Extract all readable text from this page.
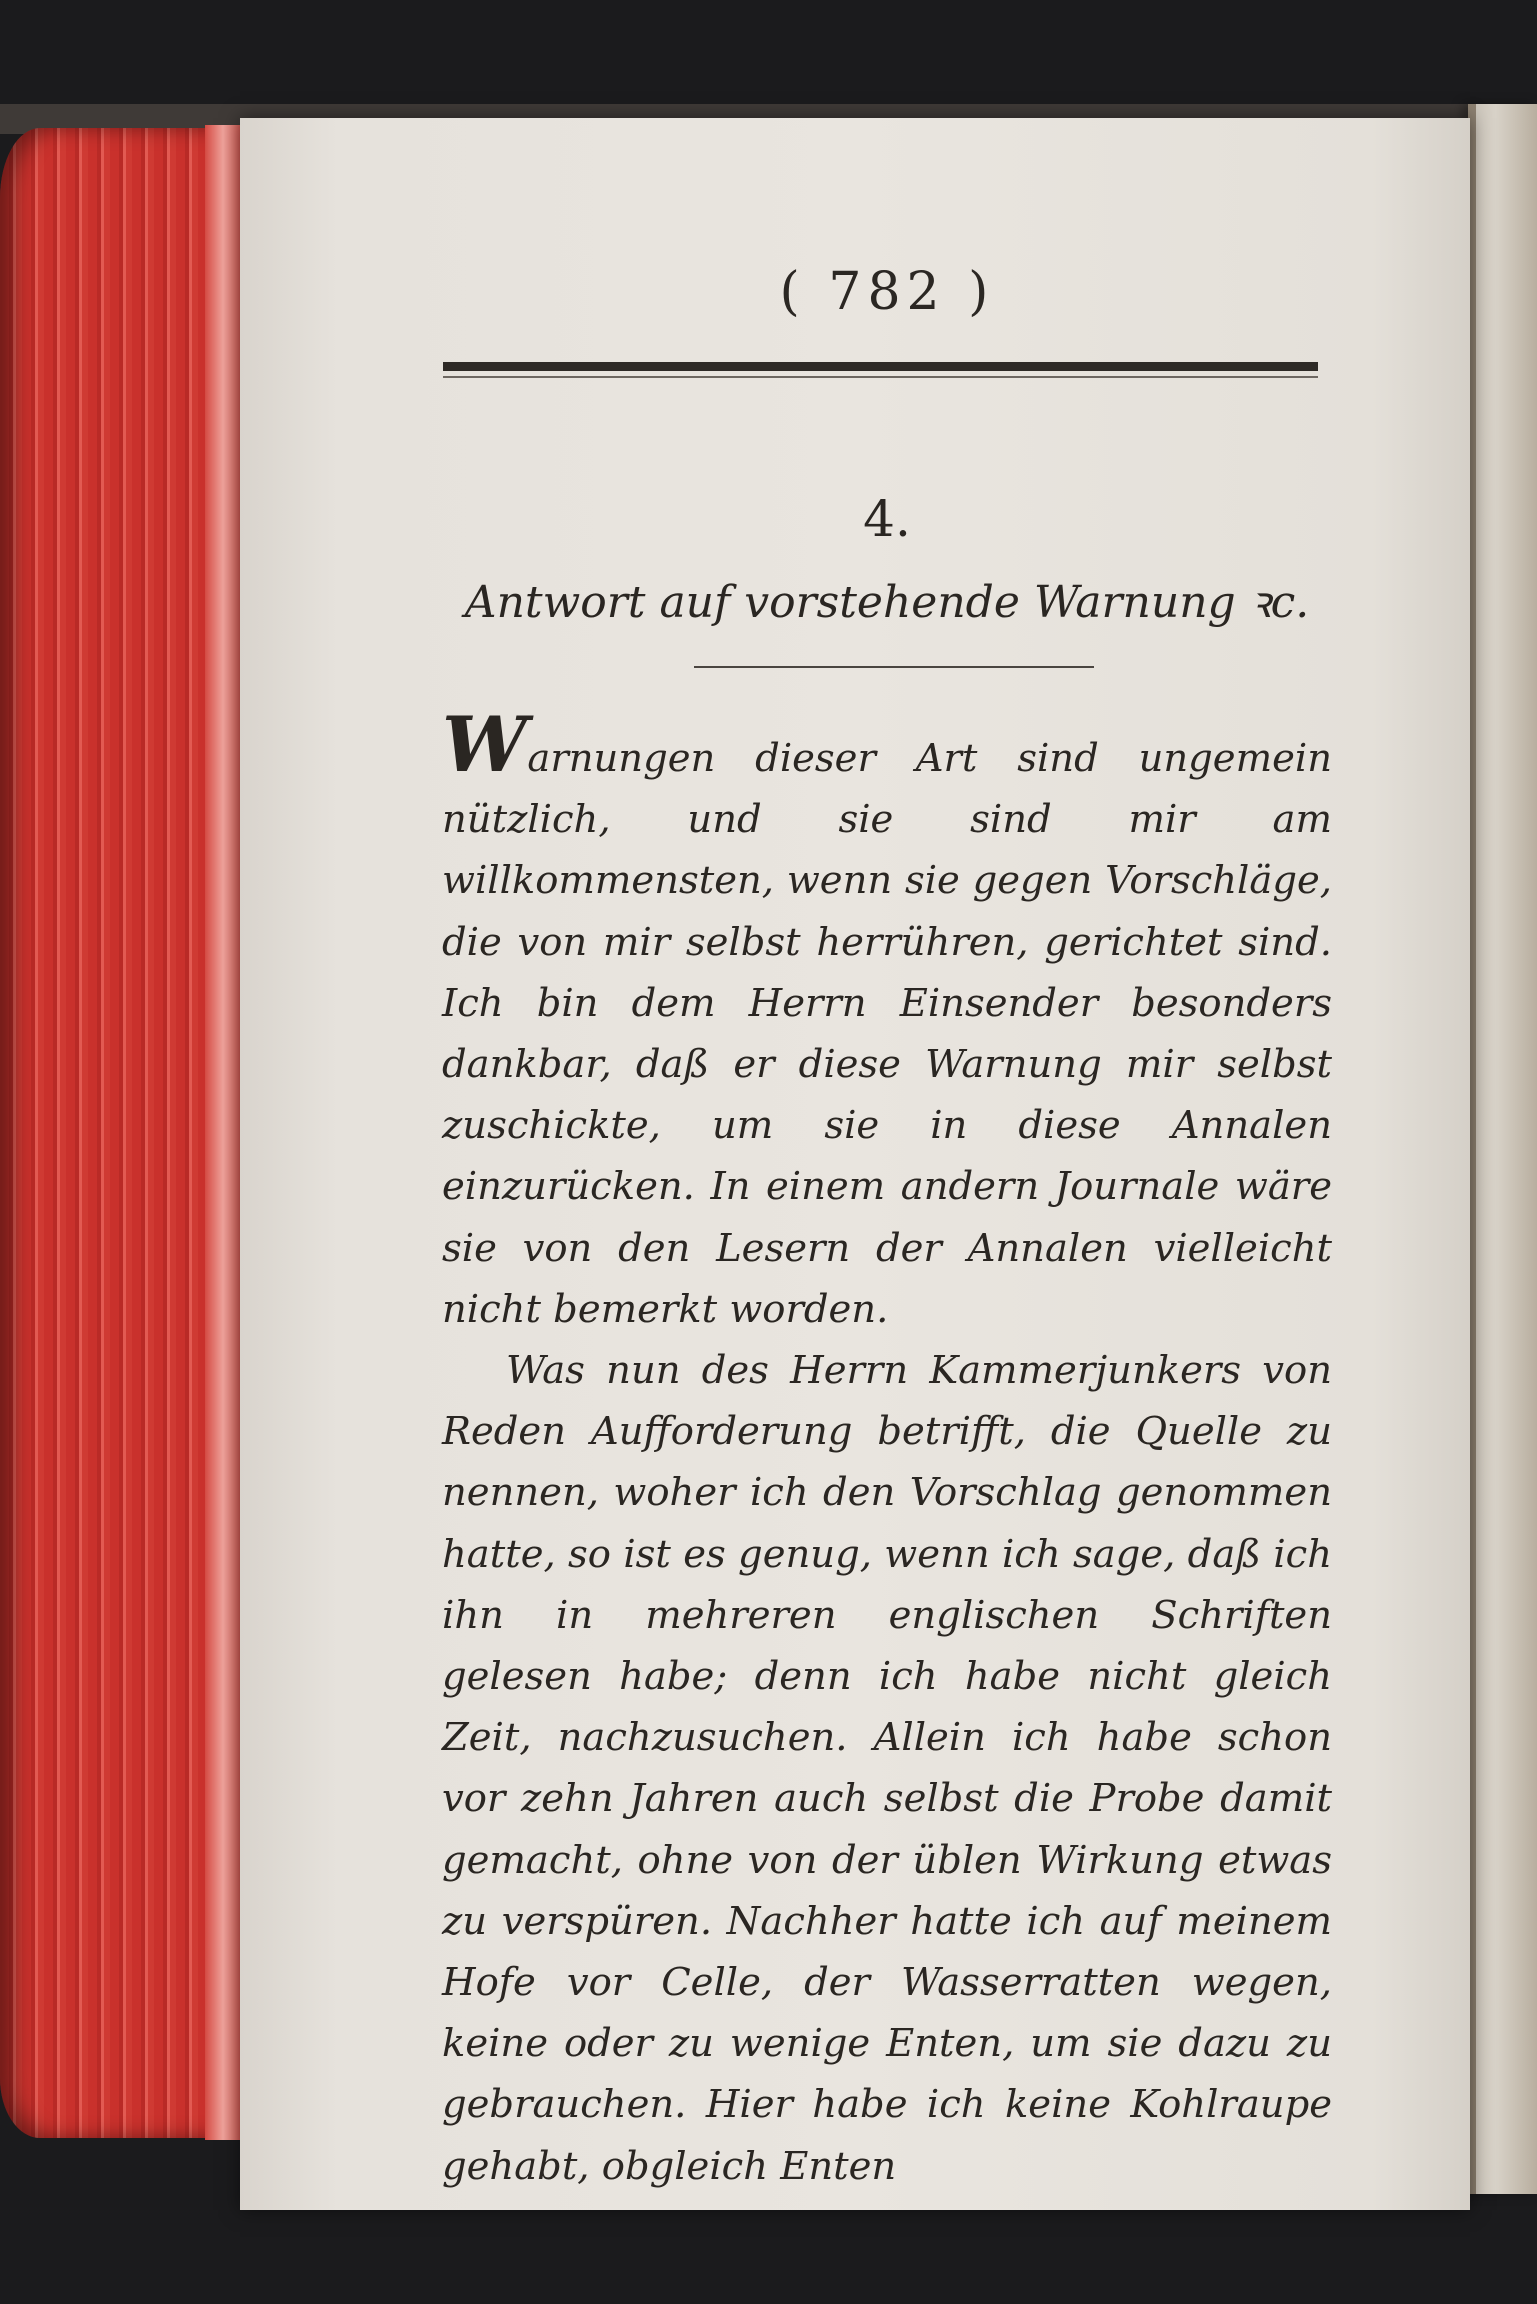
( 782 )
4.
Antwort auf vorstehende Warnung ꝛc.

Warnungen dieser Art sind ungemein nützlich, und sie sind mir am willkommensten, wenn sie gegen Vorschläge, die von mir selbst herrühren, gerichtet sind. Ich bin dem Herrn Einsender besonders dankbar, daß er diese Warnung mir selbst zuschickte, um sie in diese Annalen einzurücken. In einem andern Journale wäre sie von den Lesern der Annalen vielleicht nicht bemerkt worden.

Was nun des Herrn Kammerjunkers von Reden Aufforderung betrifft, die Quelle zu nennen, woher ich den Vorschlag genommen hatte, so ist es genug, wenn ich sage, daß ich ihn in mehreren englischen Schriften gelesen habe; denn ich habe nicht gleich Zeit, nachzusuchen. Allein ich habe schon vor zehn Jahren auch selbst die Probe damit gemacht, ohne von der üblen Wirkung etwas zu verspüren. Nachher hatte ich auf meinem Hofe vor Celle, der Wasserratten wegen, keine oder zu wenige Enten, um sie dazu zu gebrauchen. Hier habe ich keine Kohlraupe gehabt, obgleich Enten
